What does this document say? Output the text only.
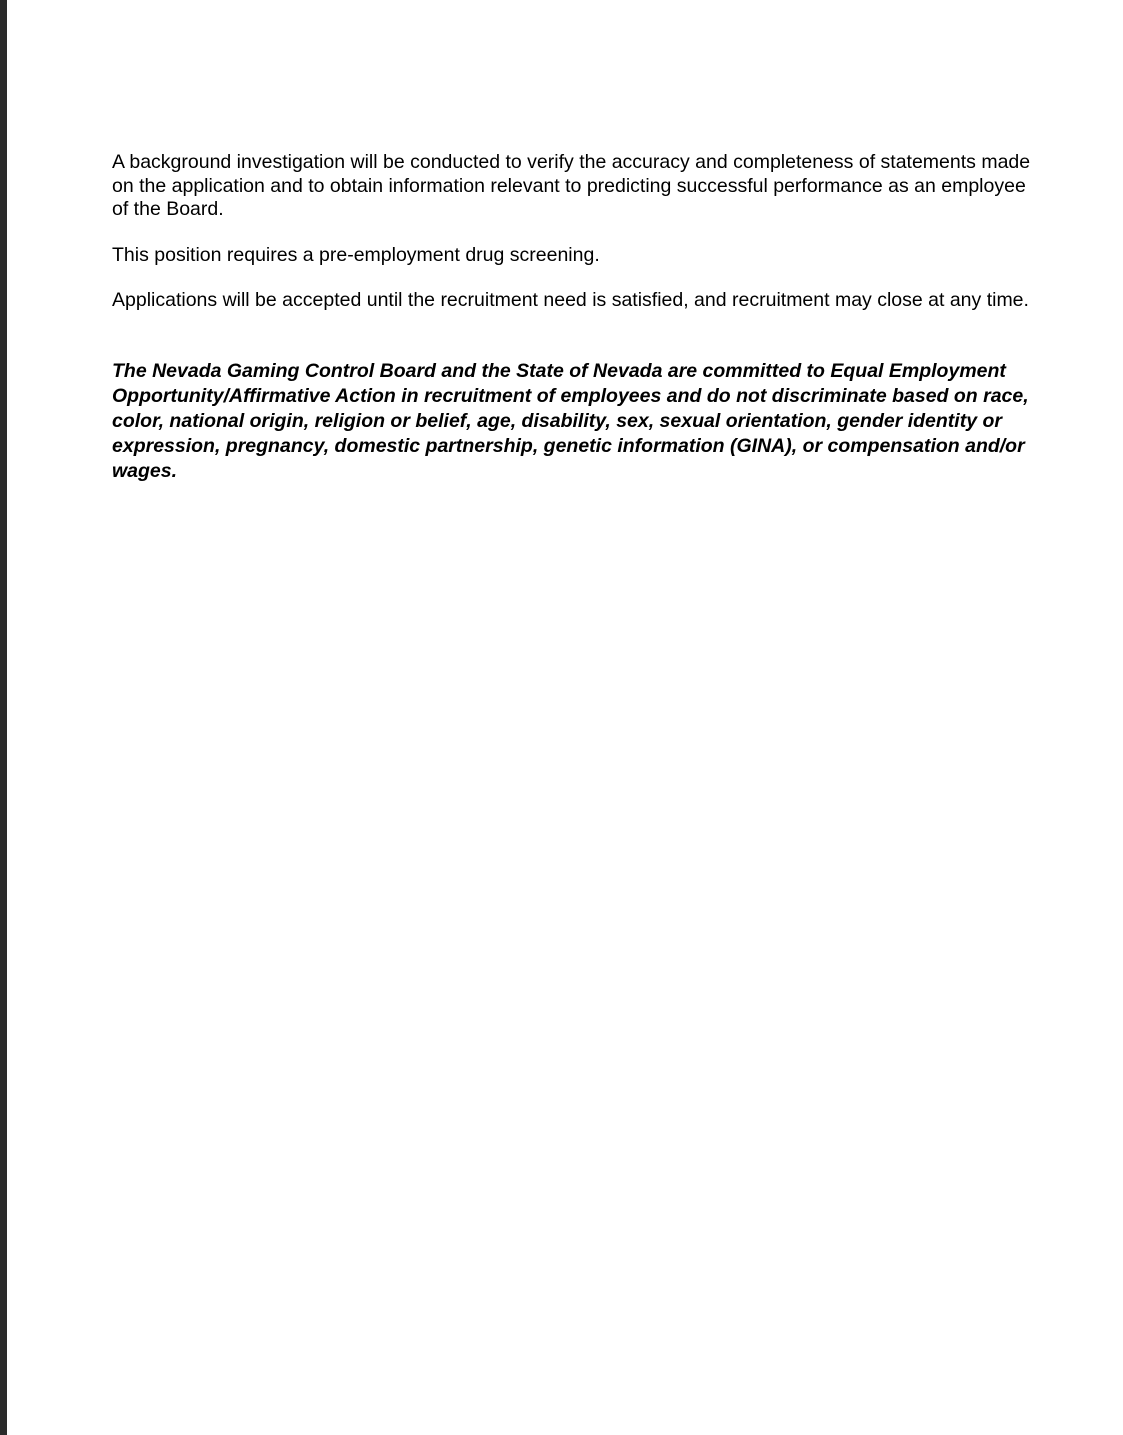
A background investigation will be conducted to verify the accuracy and completeness of statements made on the application and to obtain information relevant to predicting successful performance as an employee of the Board.

This position requires a pre-employment drug screening.

Applications will be accepted until the recruitment need is satisfied, and recruitment may close at any time.

The Nevada Gaming Control Board and the State of Nevada are committed to Equal Employment Opportunity/Affirmative Action in recruitment of employees and do not discriminate based on race, color, national origin, religion or belief, age, disability, sex, sexual orientation, gender identity or expression, pregnancy, domestic partnership, genetic information (GINA), or compensation and/or wages.
